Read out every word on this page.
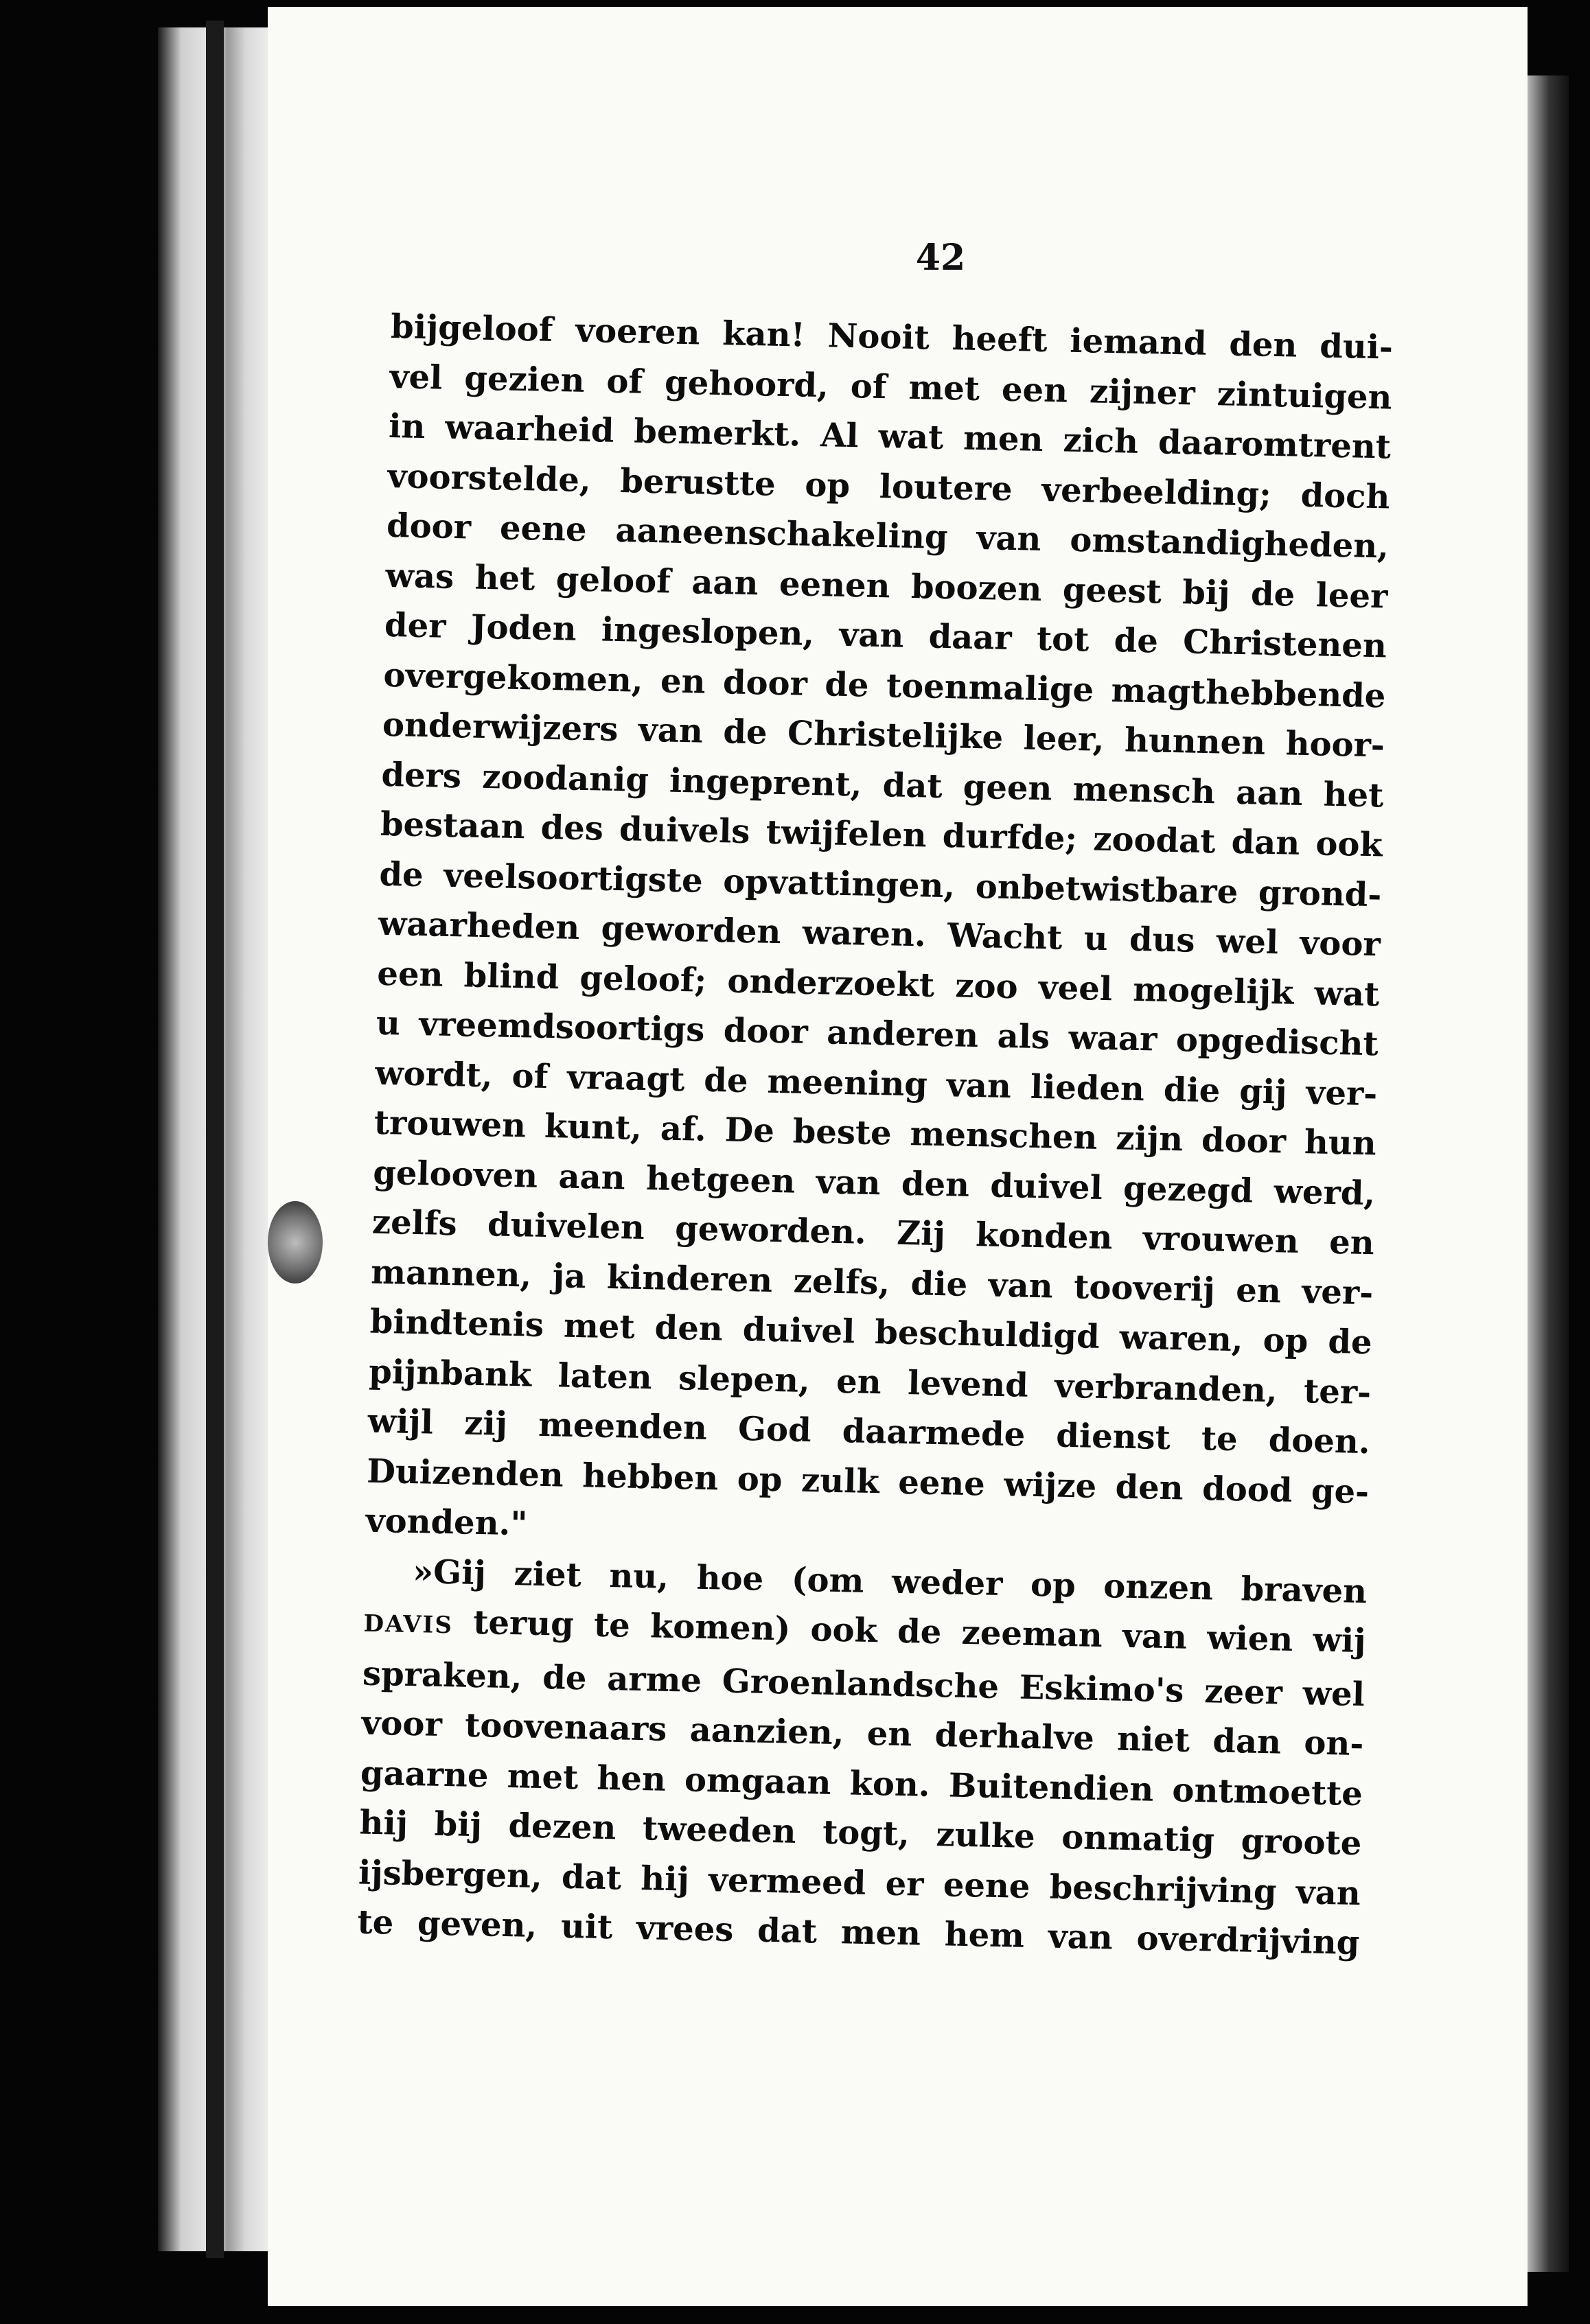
42
bijgeloof voeren kan! Nooit heeft iemand den dui-
vel gezien of gehoord, of met een zijner zintuigen
in waarheid bemerkt. Al wat men zich daaromtrent
voorstelde, berustte op loutere verbeelding; doch
door eene aaneenschakeling van omstandigheden,
was het geloof aan eenen boozen geest bij de leer
der Joden ingeslopen, van daar tot de Christenen
overgekomen, en door de toenmalige magthebbende
onderwijzers van de Christelijke leer, hunnen hoor-
ders zoodanig ingeprent, dat geen mensch aan het
bestaan des duivels twijfelen durfde; zoodat dan ook
de veelsoortigste opvattingen, onbetwistbare grond-
waarheden geworden waren. Wacht u dus wel voor
een blind geloof; onderzoekt zoo veel mogelijk wat
u vreemdsoortigs door anderen als waar opgedischt
wordt, of vraagt de meening van lieden die gij ver-
trouwen kunt, af. De beste menschen zijn door hun
gelooven aan hetgeen van den duivel gezegd werd,
zelfs duivelen geworden. Zij konden vrouwen en
mannen, ja kinderen zelfs, die van tooverij en ver-
bindtenis met den duivel beschuldigd waren, op de
pijnbank laten slepen, en levend verbranden, ter-
wijl zij meenden God daarmede dienst te doen.
Duizenden hebben op zulk eene wijze den dood ge-
vonden."
»Gij ziet nu, hoe (om weder op onzen braven
DAVIS terug te komen) ook de zeeman van wien wij
spraken, de arme Groenlandsche Eskimo's zeer wel
voor toovenaars aanzien, en derhalve niet dan on-
gaarne met hen omgaan kon. Buitendien ontmoette
hij bij dezen tweeden togt, zulke onmatig groote
ijsbergen, dat hij vermeed er eene beschrijving van
te geven, uit vrees dat men hem van overdrijving
